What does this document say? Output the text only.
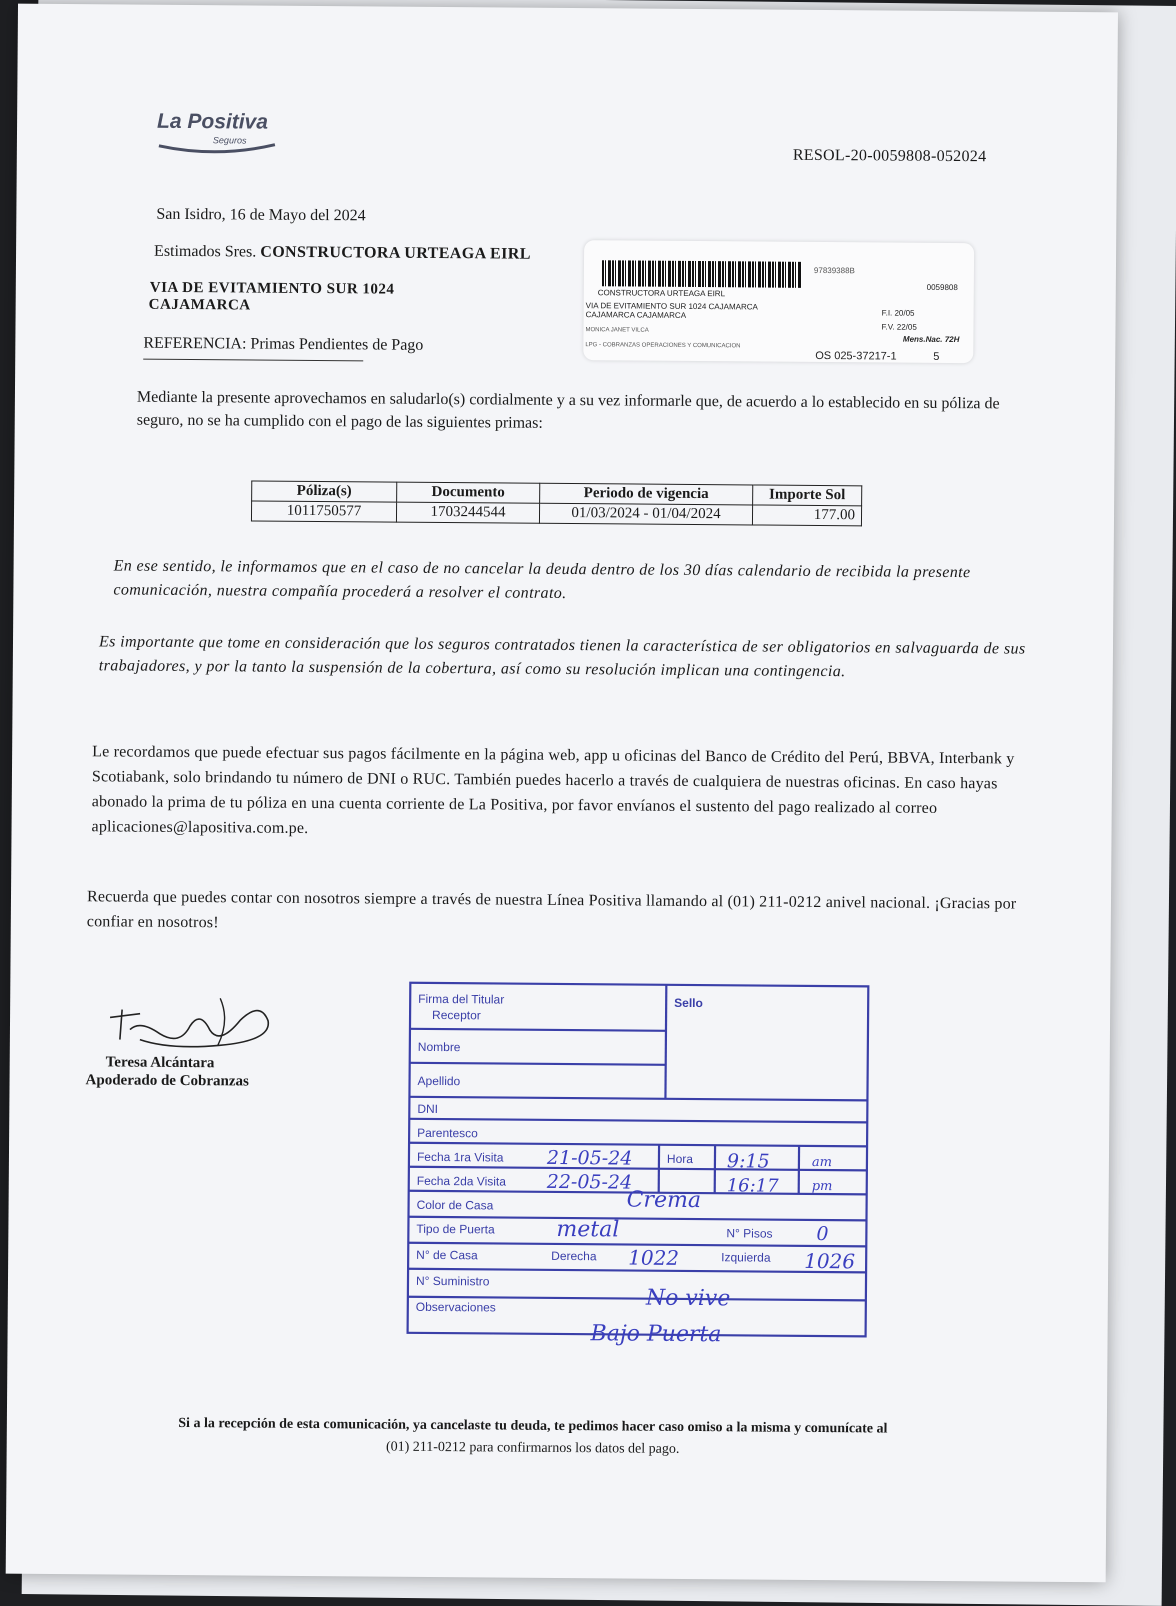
La Positiva
Seguros
RESOL-20-0059808-052024
San Isidro, 16 de Mayo del 2024
Estimados Sres. CONSTRUCTORA URTEAGA EIRL
VIA DE EVITAMIENTO SUR 1024
CAJAMARCA
REFERENCIA: Primas Pendientes de Pago
97839388B
0059808
CONSTRUCTORA URTEAGA EIRL
VIA DE EVITAMIENTO SUR 1024 CAJAMARCA CAJAMARCA CAJAMARCA	F.I. 20/05
F.V. 22/05
Mens.Nac. 72H
MONICA JANET VILCA
LPG - COBRANZAS OPERACIONES Y COMUNICACION
OS 025-37217-1	5
Mediante la presente aprovechamos en saludarlo(s) cordialmente y a su vez informarle que, de acuerdo a lo establecido en su póliza de seguro, no se ha cumplido con el pago de las siguientes primas:
Póliza(s)	Documento	Periodo de vigencia	Importe Sol
1011750577	1703244544	01/03/2024 - 01/04/2024	177.00
En ese sentido, le informamos que en el caso de no cancelar la deuda dentro de los 30 días calendario de recibida la presente comunicación, nuestra compañía procederá a resolver el contrato.
Es importante que tome en consideración que los seguros contratados tienen la característica de ser obligatorios en salvaguarda de sus trabajadores, y por la tanto la suspensión de la cobertura, así como su resolución implican una contingencia.
Le recordamos que puede efectuar sus pagos fácilmente en la página web, app u oficinas del Banco de Crédito del Perú, BBVA, Interbank y Scotiabank, solo brindando tu número de DNI o RUC. También puedes hacerlo a través de cualquiera de nuestras oficinas. En caso hayas abonado la prima de tu póliza en una cuenta corriente de La Positiva, por favor envíanos el sustento del pago realizado al correo aplicaciones@lapositiva.com.pe.
Recuerda que puedes contar con nosotros siempre a través de nuestra Línea Positiva llamando al (01) 211-0212 anivel nacional. ¡Gracias por confiar en nosotros!
Teresa Alcántara
Apoderado de Cobranzas
Firma del Titular
Receptor
Sello
Nombre
Apellido
DNI
Parentesco
Fecha 1ra Visita 21-05-24	Hora 9:15	am
Fecha 2da Visita 22-05-24	16:17	pm
Color de Casa	Crema
Tipo de Puerta	metal	N° Pisos 0
N° de Casa	Derecha 1022	Izquierda 1026
N° Suministro
Observaciones	No vive
Bajo Puerta
Si a la recepción de esta comunicación, ya cancelaste tu deuda, te pedimos hacer caso omiso a la misma y comunícate al
(01) 211-0212 para confirmarnos los datos del pago.
